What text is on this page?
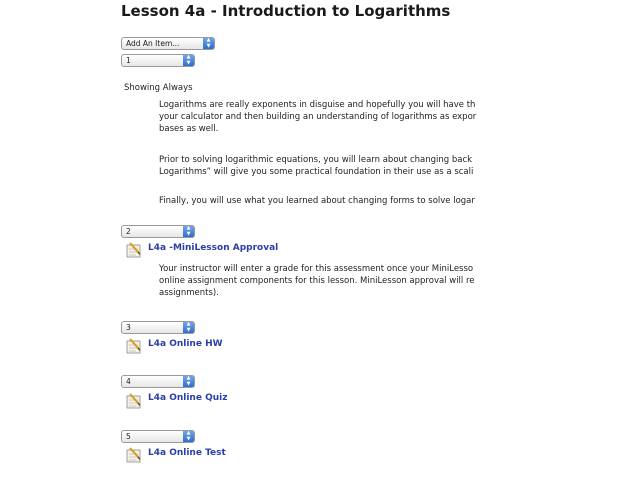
Lesson 4a - Introduction to Logarithms
Add An Item...	▲
▼
1	▲
▼
Showing Always
Logarithms are really exponents in disguise and hopefully you will have th
your calculator and then building an understanding of logarithms as expor
bases as well.
Prior to solving logarithmic equations, you will learn about changing back
Logarithms” will give you some practical foundation in their use as a scali
Finally, you will use what you learned about changing forms to solve logar
2	▲
▼
L4a -MiniLesson Approval
Your instructor will enter a grade for this assessment once your MiniLesso
online assignment components for this lesson. MiniLesson approval will re
assignments).
3	▲
▼
L4a Online HW
4	▲
▼
L4a Online Quiz
5	▲
▼
L4a Online Test
